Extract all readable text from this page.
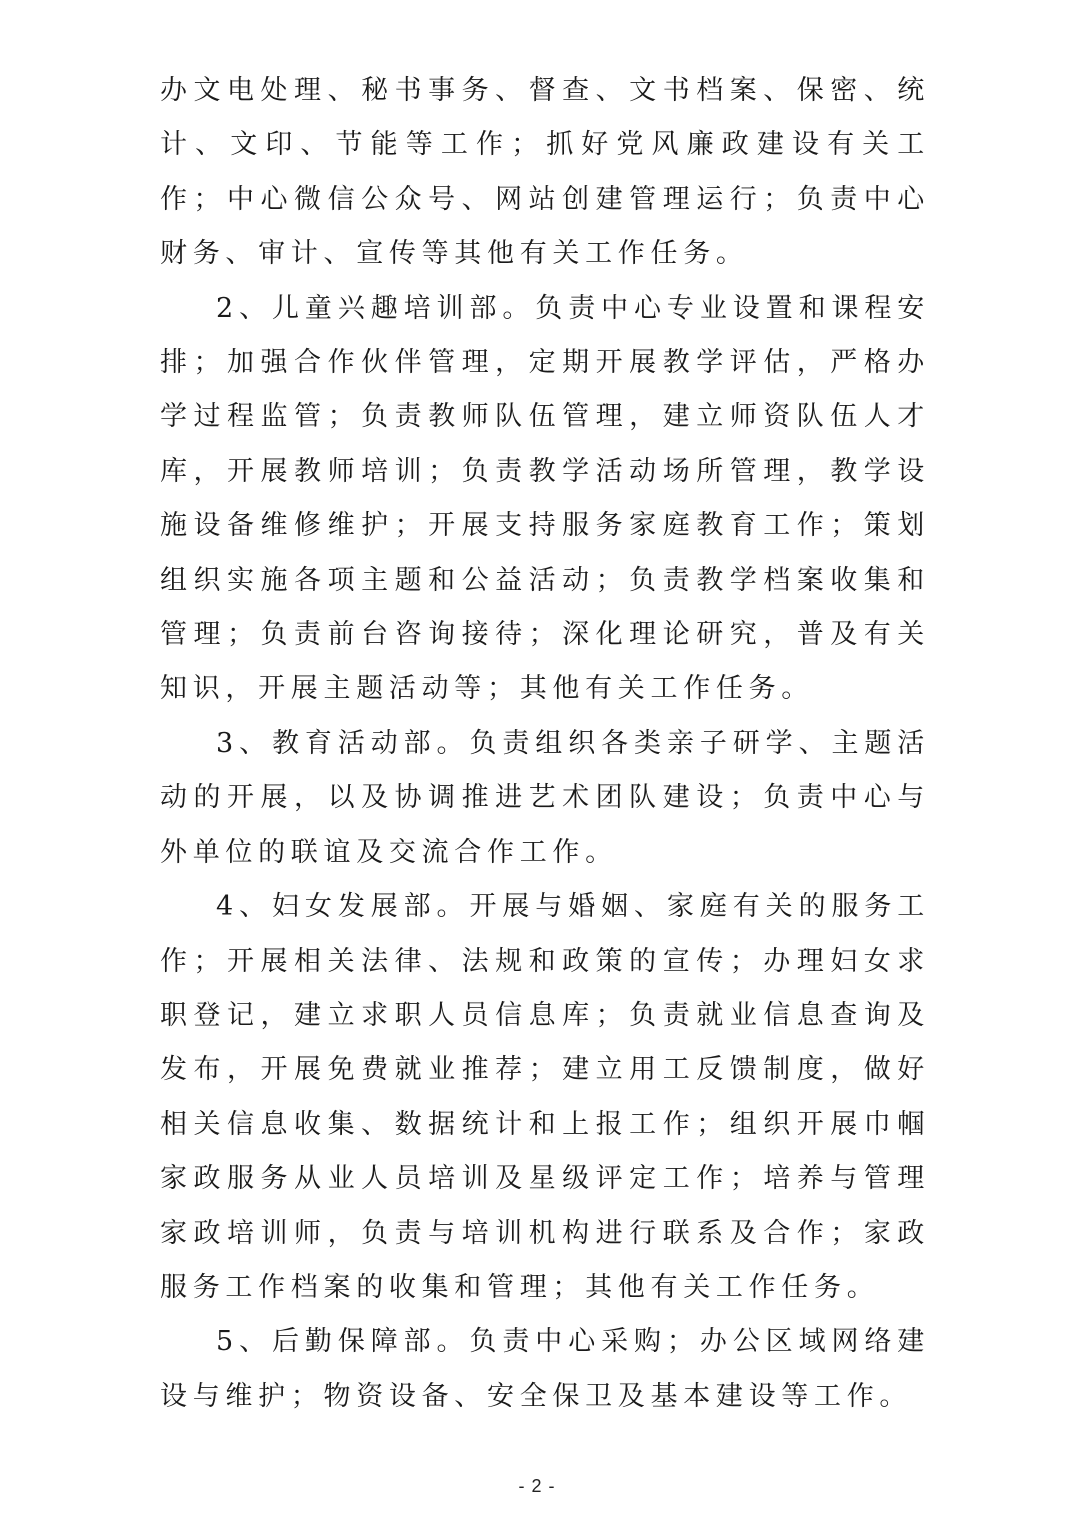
办文电处理、秘书事务、督查、文书档案、保密、统计、文印、节能等工作；抓好党风廉政建设有关工作；中心微信公众号、网站创建管理运行；负责中心财务、审计、宣传等其他有关工作任务。

2、儿童兴趣培训部。负责中心专业设置和课程安排；加强合作伙伴管理，定期开展教学评估，严格办学过程监管；负责教师队伍管理，建立师资队伍人才库，开展教师培训；负责教学活动场所管理，教学设施设备维修维护；开展支持服务家庭教育工作；策划组织实施各项主题和公益活动；负责教学档案收集和管理；负责前台咨询接待；深化理论研究，普及有关知识，开展主题活动等；其他有关工作任务。

3、教育活动部。负责组织各类亲子研学、主题活动的开展，以及协调推进艺术团队建设；负责中心与外单位的联谊及交流合作工作。

4、妇女发展部。开展与婚姻、家庭有关的服务工作；开展相关法律、法规和政策的宣传；办理妇女求职登记，建立求职人员信息库；负责就业信息查询及发布，开展免费就业推荐；建立用工反馈制度，做好相关信息收集、数据统计和上报工作；组织开展巾帼家政服务从业人员培训及星级评定工作；培养与管理家政培训师，负责与培训机构进行联系及合作；家政服务工作档案的收集和管理；其他有关工作任务。

5、后勤保障部。负责中心采购；办公区域网络建设与维护；物资设备、安全保卫及基本建设等工作。

- 2 -
